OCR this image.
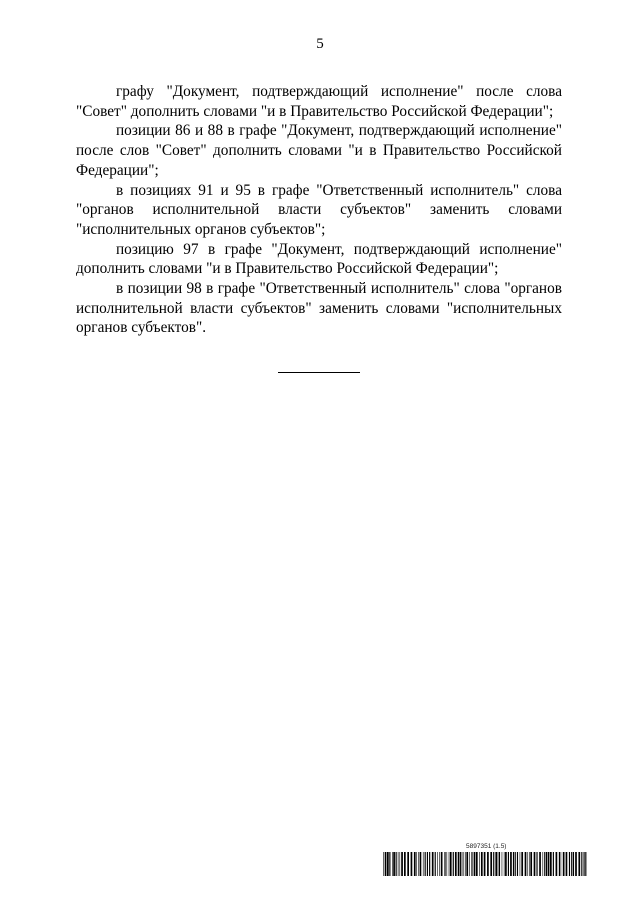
5
графу "Документ, подтверждающий исполнение" после слова
"Совет" дополнить словами "и в Правительство Российской Федерации";
позиции 86 и 88 в графе "Документ, подтверждающий исполнение"
после слов "Совет" дополнить словами "и в Правительство Российской
Федерации";
в позициях 91 и 95 в графе "Ответственный исполнитель" слова
"органов исполнительной власти субъектов" заменить словами
"исполнительных органов субъектов";
позицию 97 в графе "Документ, подтверждающий исполнение"
дополнить словами "и в Правительство Российской Федерации";
в позиции 98 в графе "Ответственный исполнитель" слова "органов
исполнительной власти субъектов" заменить словами "исполнительных
органов субъектов".
5897351 (1.5)
